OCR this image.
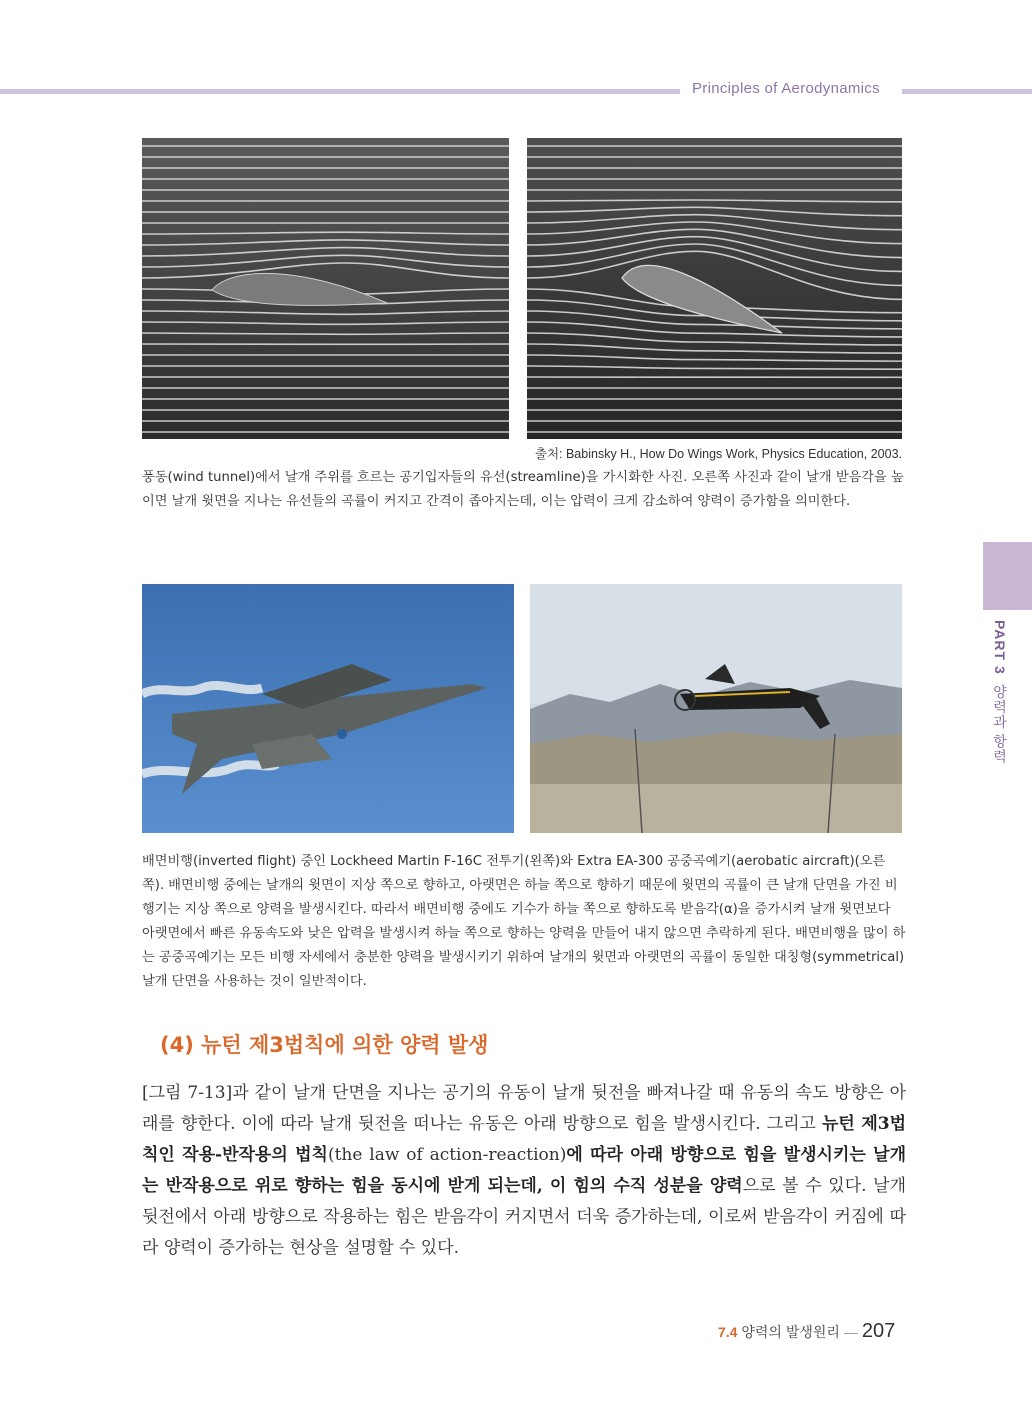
Principles of Aerodynamics
출처: Babinsky H., How Do Wings Work, Physics Education, 2003.
풍동(wind tunnel)에서 날개 주위를 흐르는 공기입자들의 유선(streamline)을 가시화한 사진. 오른쪽 사진과 같이 날개 받음각을 높이면 날개 윗면을 지나는 유선들의 곡률이 커지고 간격이 좁아지는데, 이는 압력이 크게 감소하여 양력이 증가함을 의미한다.
배면비행(inverted flight) 중인 Lockheed Martin F-16C 전투기(왼쪽)와 Extra EA-300 공중곡예기(aerobatic aircraft)(오른쪽). 배면비행 중에는 날개의 윗면이 지상 쪽으로 향하고, 아랫면은 하늘 쪽으로 향하기 때문에 윗면의 곡률이 큰 날개 단면을 가진 비행기는 지상 쪽으로 양력을 발생시킨다. 따라서 배면비행 중에도 기수가 하늘 쪽으로 향하도록 받음각(α)을 증가시켜 날개 윗면보다 아랫면에서 빠른 유동속도와 낮은 압력을 발생시켜 하늘 쪽으로 향하는 양력을 만들어 내지 않으면 추락하게 된다. 배면비행을 많이 하는 공중곡예기는 모든 비행 자세에서 충분한 양력을 발생시키기 위하여 날개의 윗면과 아랫면의 곡률이 동일한 대칭형(symmetrical) 날개 단면을 사용하는 것이 일반적이다.
PART 3  양력과 항력
(4) 뉴턴 제3법칙에 의한 양력 발생
[그림 7-13]과 같이 날개 단면을 지나는 공기의 유동이 날개 뒷전을 빠져나갈 때 유동의 속도 방향은 아래를 향한다. 이에 따라 날개 뒷전을 떠나는 유동은 아래 방향으로 힘을 발생시킨다. 그리고 뉴턴 제3법칙인 작용-반작용의 법칙(the law of action-reaction)에 따라 아래 방향으로 힘을 발생시키는 날개는 반작용으로 위로 향하는 힘을 동시에 받게 되는데, 이 힘의 수직 성분을 양력으로 볼 수 있다. 날개 뒷전에서 아래 방향으로 작용하는 힘은 받음각이 커지면서 더욱 증가하는데, 이로써 받음각이 커짐에 따라 양력이 증가하는 현상을 설명할 수 있다.
7.4 양력의 발생원리 — 207
